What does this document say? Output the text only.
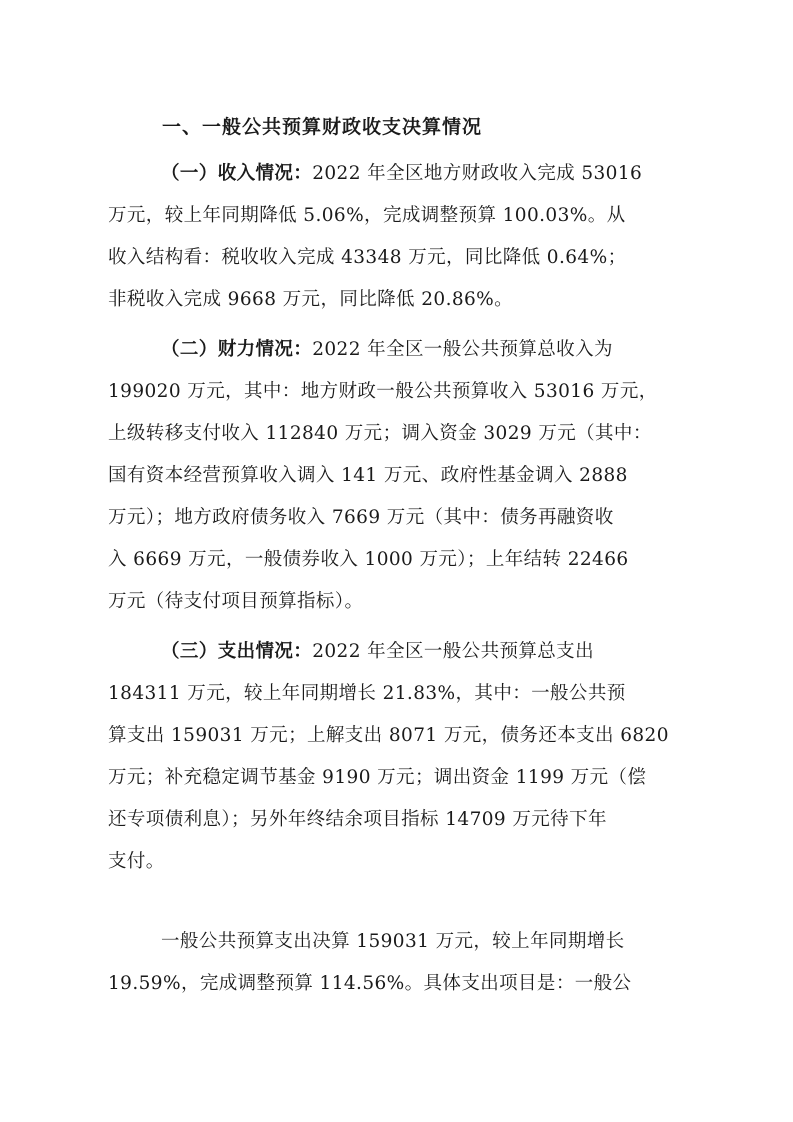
一、一般公共预算财政收支决算情况
（一）收入情况：2022 年全区地方财政收入完成 53016
万元，较上年同期降低 5.06%，完成调整预算 100.03%。从
收入结构看：税收收入完成 43348 万元，同比降低 0.64%；
非税收入完成 9668 万元，同比降低 20.86%。
（二）财力情况：2022 年全区一般公共预算总收入为
199020 万元，其中：地方财政一般公共预算收入 53016 万元，
上级转移支付收入 112840 万元；调入资金 3029 万元（其中：
国有资本经营预算收入调入 141 万元、政府性基金调入 2888
万元）；地方政府债务收入 7669 万元（其中：债务再融资收
入 6669 万元，一般债券收入 1000 万元）；上年结转 22466
万元（待支付项目预算指标）。
（三）支出情况：2022 年全区一般公共预算总支出
184311 万元，较上年同期增长 21.83%，其中：一般公共预
算支出 159031 万元；上解支出 8071 万元，债务还本支出 6820
万元；补充稳定调节基金 9190 万元；调出资金 1199 万元（偿
还专项债利息）；另外年终结余项目指标 14709 万元待下年
支付。
一般公共预算支出决算 159031 万元，较上年同期增长
19.59%，完成调整预算 114.56%。具体支出项目是：一般公
